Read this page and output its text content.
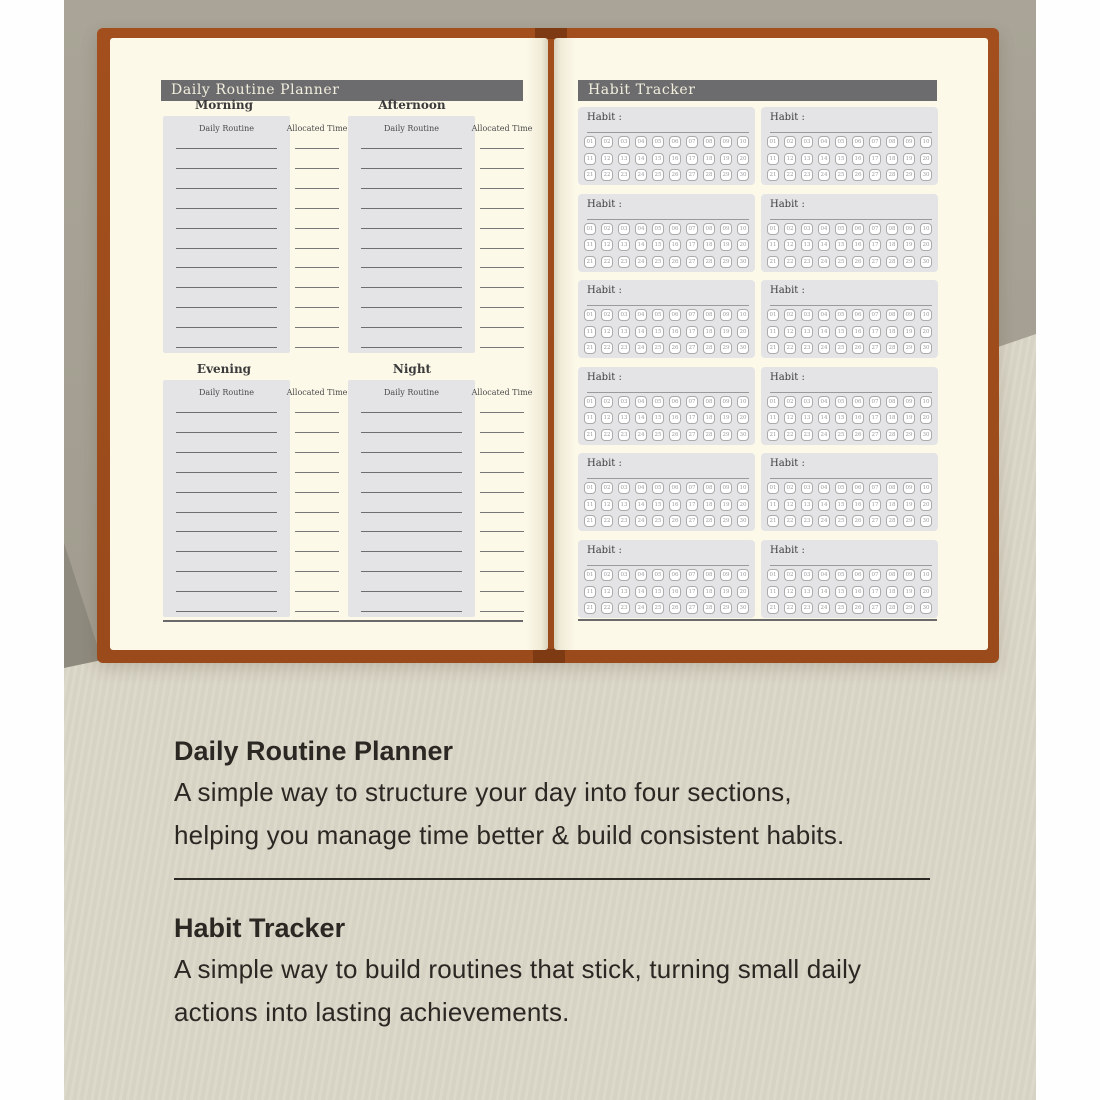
Daily Routine Planner
Morning
Daily Routine	Allocated Time
Afternoon
Daily Routine	Allocated Time
Evening
Daily Routine	Allocated Time
Night
Daily Routine	Allocated Time
Habit Tracker
Habit :
01	02	03	04	05	06	07	08	09	10
11	12	13	14	15	16	17	18	19	20
21	22	23	24	25	26	27	28	29	30
Habit :
01	02	03	04	05	06	07	08	09	10
11	12	13	14	15	16	17	18	19	20
21	22	23	24	25	26	27	28	29	30
Habit :
01	02	03	04	05	06	07	08	09	10
11	12	13	14	15	16	17	18	19	20
21	22	23	24	25	26	27	28	29	30
Habit :
01	02	03	04	05	06	07	08	09	10
11	12	13	14	15	16	17	18	19	20
21	22	23	24	25	26	27	28	29	30
Habit :
01	02	03	04	05	06	07	08	09	10
11	12	13	14	15	16	17	18	19	20
21	22	23	24	25	26	27	28	29	30
Habit :
01	02	03	04	05	06	07	08	09	10
11	12	13	14	15	16	17	18	19	20
21	22	23	24	25	26	27	28	29	30
Habit :
01	02	03	04	05	06	07	08	09	10
11	12	13	14	15	16	17	18	19	20
21	22	23	24	25	26	27	28	29	30
Habit :
01	02	03	04	05	06	07	08	09	10
11	12	13	14	15	16	17	18	19	20
21	22	23	24	25	26	27	28	29	30
Habit :
01	02	03	04	05	06	07	08	09	10
11	12	13	14	15	16	17	18	19	20
21	22	23	24	25	26	27	28	29	30
Habit :
01	02	03	04	05	06	07	08	09	10
11	12	13	14	15	16	17	18	19	20
21	22	23	24	25	26	27	28	29	30
Habit :
01	02	03	04	05	06	07	08	09	10
11	12	13	14	15	16	17	18	19	20
21	22	23	24	25	26	27	28	29	30
Habit :
01	02	03	04	05	06	07	08	09	10
11	12	13	14	15	16	17	18	19	20
21	22	23	24	25	26	27	28	29	30

Daily Routine Planner

A simple way to structure your day into four sections,

helping you manage time better & build consistent habits.

Habit Tracker

A simple way to build routines that stick, turning small daily

actions into lasting achievements.
